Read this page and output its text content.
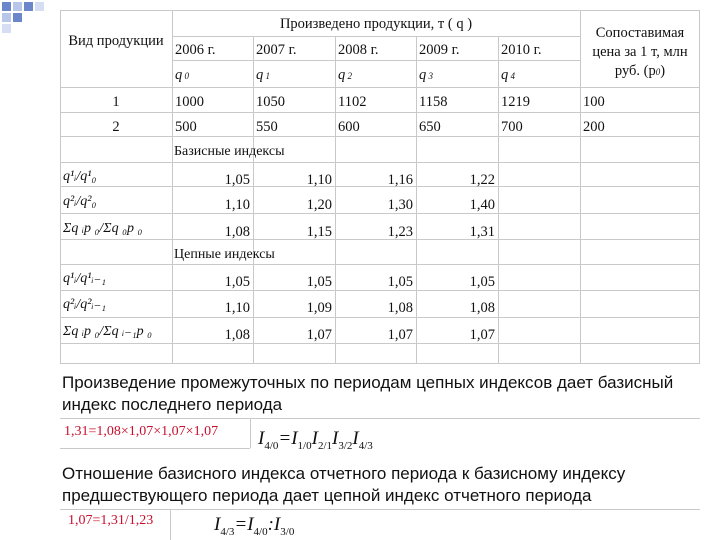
Вид продукции
Произведено продукции, т ( q )
Сопоставимая цена за 1 т, млн руб. (p0)
2006 г.	2007 г.	2008 г.	2009 г.	2010 г.
q 0	q 1	q 2	q 3	q 4
1	1000	1050	1102	1158	1219	100
2	500	550	600	650	700	200
Базисные индексы
Цепные индексы
q¹ᵢ/q¹₀	1,05	1,10	1,16	1,22
q²ᵢ/q²₀	1,10	1,20	1,30	1,40
Σq ᵢp ₀/Σq ₀p ₀	1,08	1,15	1,23	1,31
q¹ᵢ/q¹ᵢ₋₁	1,05	1,05	1,05	1,05
q²ᵢ/q²ᵢ₋₁	1,10	1,09	1,08	1,08
Σq ᵢp ₀/Σq ᵢ₋₁p ₀	1,08	1,07	1,07	1,07
Произведение промежуточных по периодам цепных индексов дает базисный индекс последнего периода
1,31=1,08×1,07×1,07×1,07 $I_{4/0}=I_{1/0}I_{2/1}I_{3/2}I_{4/3}$
Отношение базисного индекса отчетного периода к базисному индексу предшествующего периода дает цепной индекс отчетного периода
1,07=1,31/1,23	$I_{4/3}=I_{4/0}:I_{3/0}$
